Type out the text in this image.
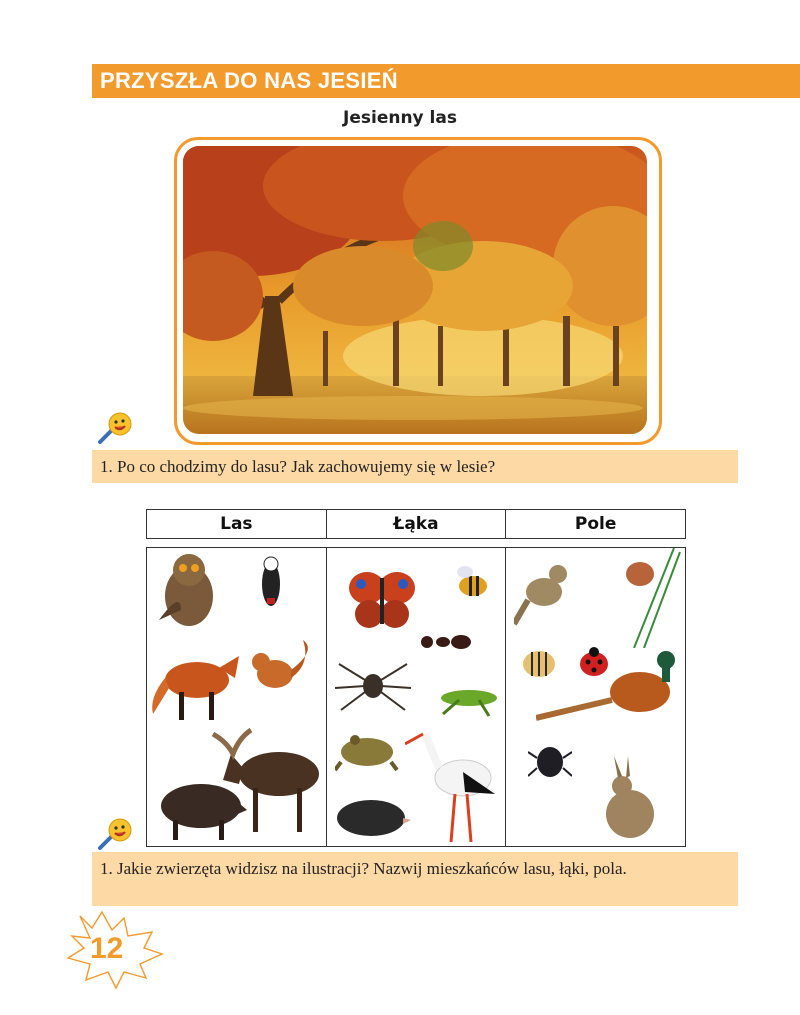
PRZYSZŁA DO NAS JESIEŃ
Jesienny las
1. Po co chodzimy do lasu? Jak zachowujemy się w lesie?
Las	Łąka	Pole
1. Jakie zwierzęta widzisz na ilustracji? Nazwij mieszkańców lasu, łąki, pola.
12
